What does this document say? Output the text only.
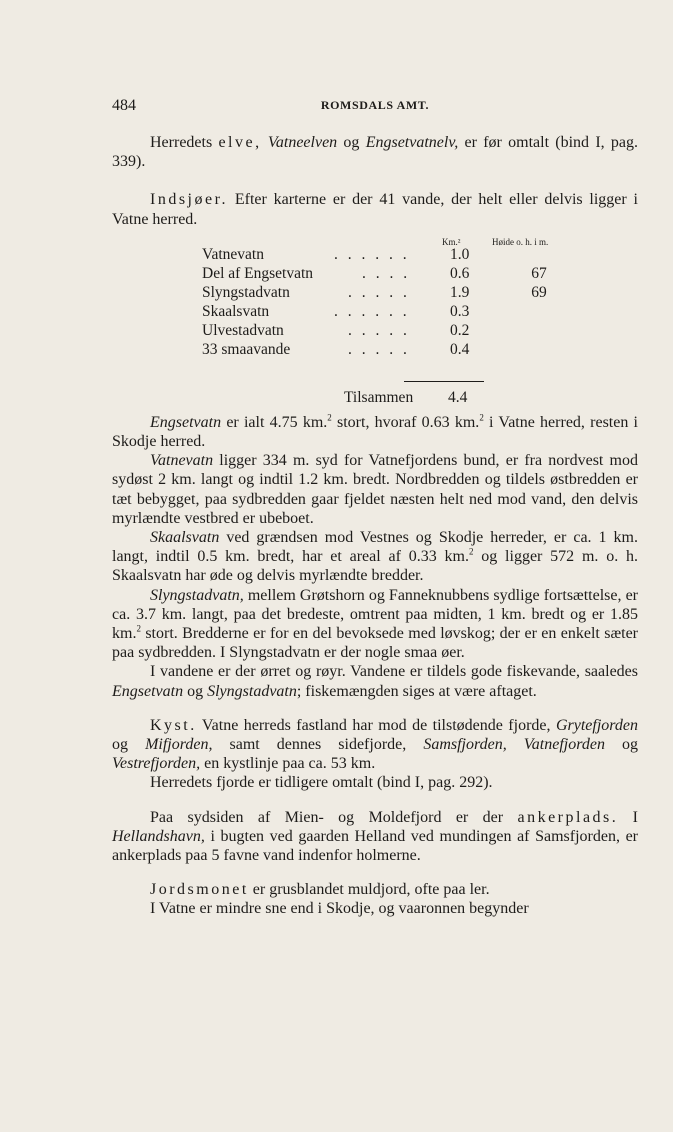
484	ROMSDALS AMT.

Herredets elve, Vatneelven og Engsetvatnelv, er før omtalt (bind I, pag. 339).

Indsjøer. Efter karterne er der 41 vande, der helt eller delvis ligger i Vatne herred.

Km.²	Høide o. h. i m.
Vatnevatn	. . . . . .	1.0
Del af Engsetvatn	. . . .	0.6	67
Slyngstadvatn	. . . . .	1.9	69
Skaalsvatn	. . . . . .	0.3
Ulvestadvatn	. . . . .	0.2
33 smaavande	. . . . .	0.4
Tilsammen 4.4

Engsetvatn er ialt 4.75 km.$^2$ stort, hvoraf 0.63 km.$^2$ i Vatne herred, resten i Skodje herred.

Vatnevatn ligger 334 m. syd for Vatnefjordens bund, er fra nordvest mod sydøst 2 km. langt og indtil 1.2 km. bredt. Nordbredden og tildels østbredden er tæt bebygget, paa sydbredden gaar fjeldet næsten helt ned mod vand, den delvis myrlændte vestbred er ubeboet.

Skaalsvatn ved grændsen mod Vestnes og Skodje herreder, er ca. 1 km. langt, indtil 0.5 km. bredt, har et areal af 0.33 km.$^2$ og ligger 572 m. o. h. Skaalsvatn har øde og delvis myrlændte bredder.

Slyngstadvatn, mellem Grøtshorn og Fanneknubbens sydlige fortsættelse, er ca. 3.7 km. langt, paa det bredeste, omtrent paa midten, 1 km. bredt og er 1.85 km.$^2$ stort. Bredderne er for en del bevoksede med løvskog; der er en enkelt sæter paa sydbredden. I Slyngstadvatn er der nogle smaa øer.

I vandene er der ørret og røyr. Vandene er tildels gode fiskevande, saaledes Engsetvatn og Slyngstadvatn; fiskemængden siges at være aftaget.

Kyst. Vatne herreds fastland har mod de tilstødende fjorde, Grytefjorden og Mifjorden, samt dennes sidefjorde, Samsfjorden, Vatnefjorden og Vestrefjorden, en kystlinje paa ca. 53 km.

Herredets fjorde er tidligere omtalt (bind I, pag. 292).

Paa sydsiden af Mien- og Moldefjord er der ankerplads. I Hellandshavn, i bugten ved gaarden Helland ved mundingen af Samsfjorden, er ankerplads paa 5 favne vand indenfor holmerne.

Jordsmonet er grusblandet muldjord, ofte paa ler.

I Vatne er mindre sne end i Skodje, og vaaronnen begynder
